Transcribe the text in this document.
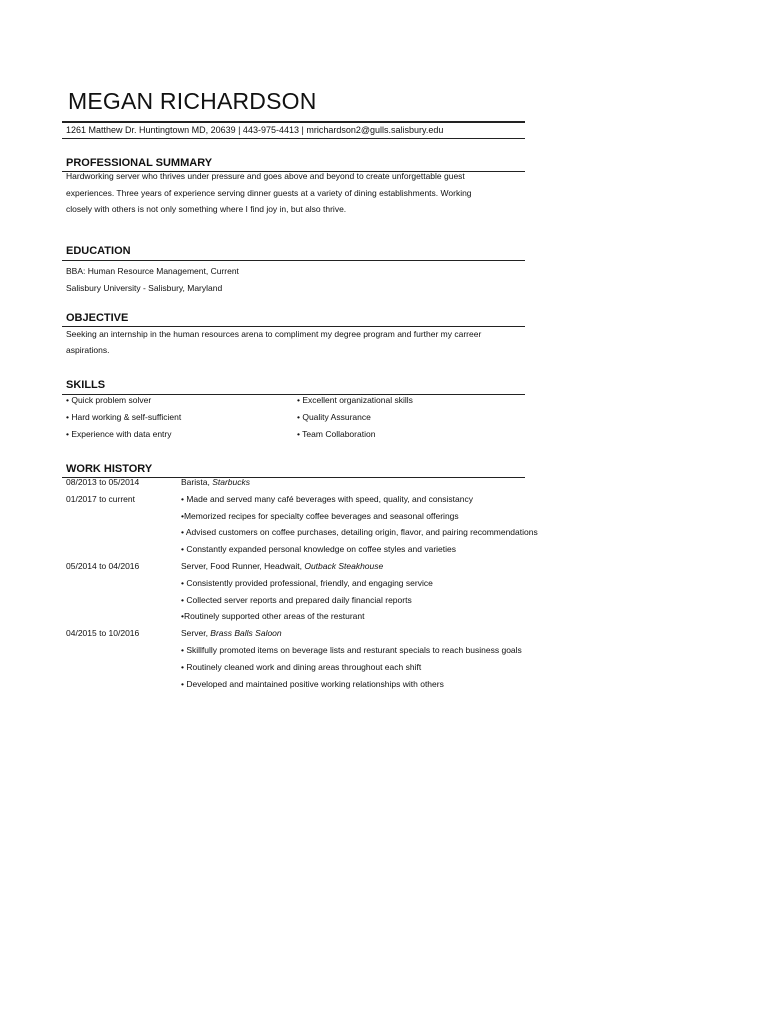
MEGAN RICHARDSON
1261 Matthew Dr. Huntingtown MD, 20639 | 443-975-4413 | mrichardson2@gulls.salisbury.edu
PROFESSIONAL SUMMARY

Hardworking server who thrives under pressure and goes above and beyond to create unforgettable guest

experiences. Three years of experience serving dinner guests at a variety of dining establishments. Working

closely with others is not only something where I find joy in, but also thrive.

EDUCATION

BBA: Human Resource Management, Current

Salisbury University - Salisbury, Maryland

OBJECTIVE

Seeking an internship in the human resources arena to compliment my degree program and further my carreer

aspirations.

SKILLS
• Quick problem solver	• Excellent organizational skills
• Hard working & self-sufficient	• Quality Assurance
• Experience with data entry	• Team Collaboration
WORK HISTORY
08/2013 to 05/2014	Barista, Starbucks
01/2017 to current	• Made and served many café beverages with speed, quality, and consistancy
•Memorized recipes for specialty coffee beverages and seasonal offerings
• Advised customers on coffee purchases, detailing origin, flavor, and pairing recommendations
• Constantly expanded personal knowledge on coffee styles and varieties
05/2014 to 04/2016	Server, Food Runner, Headwait, Outback Steakhouse
• Consistently provided professional, friendly, and engaging service
• Collected server reports and prepared daily financial reports
•Routinely supported other areas of the resturant
04/2015 to 10/2016	Server, Brass Balls Saloon
• Skillfully promoted items on beverage lists and resturant specials to reach business goals
• Routinely cleaned work and dining areas throughout each shift
• Developed and maintained positive working relationships with others
